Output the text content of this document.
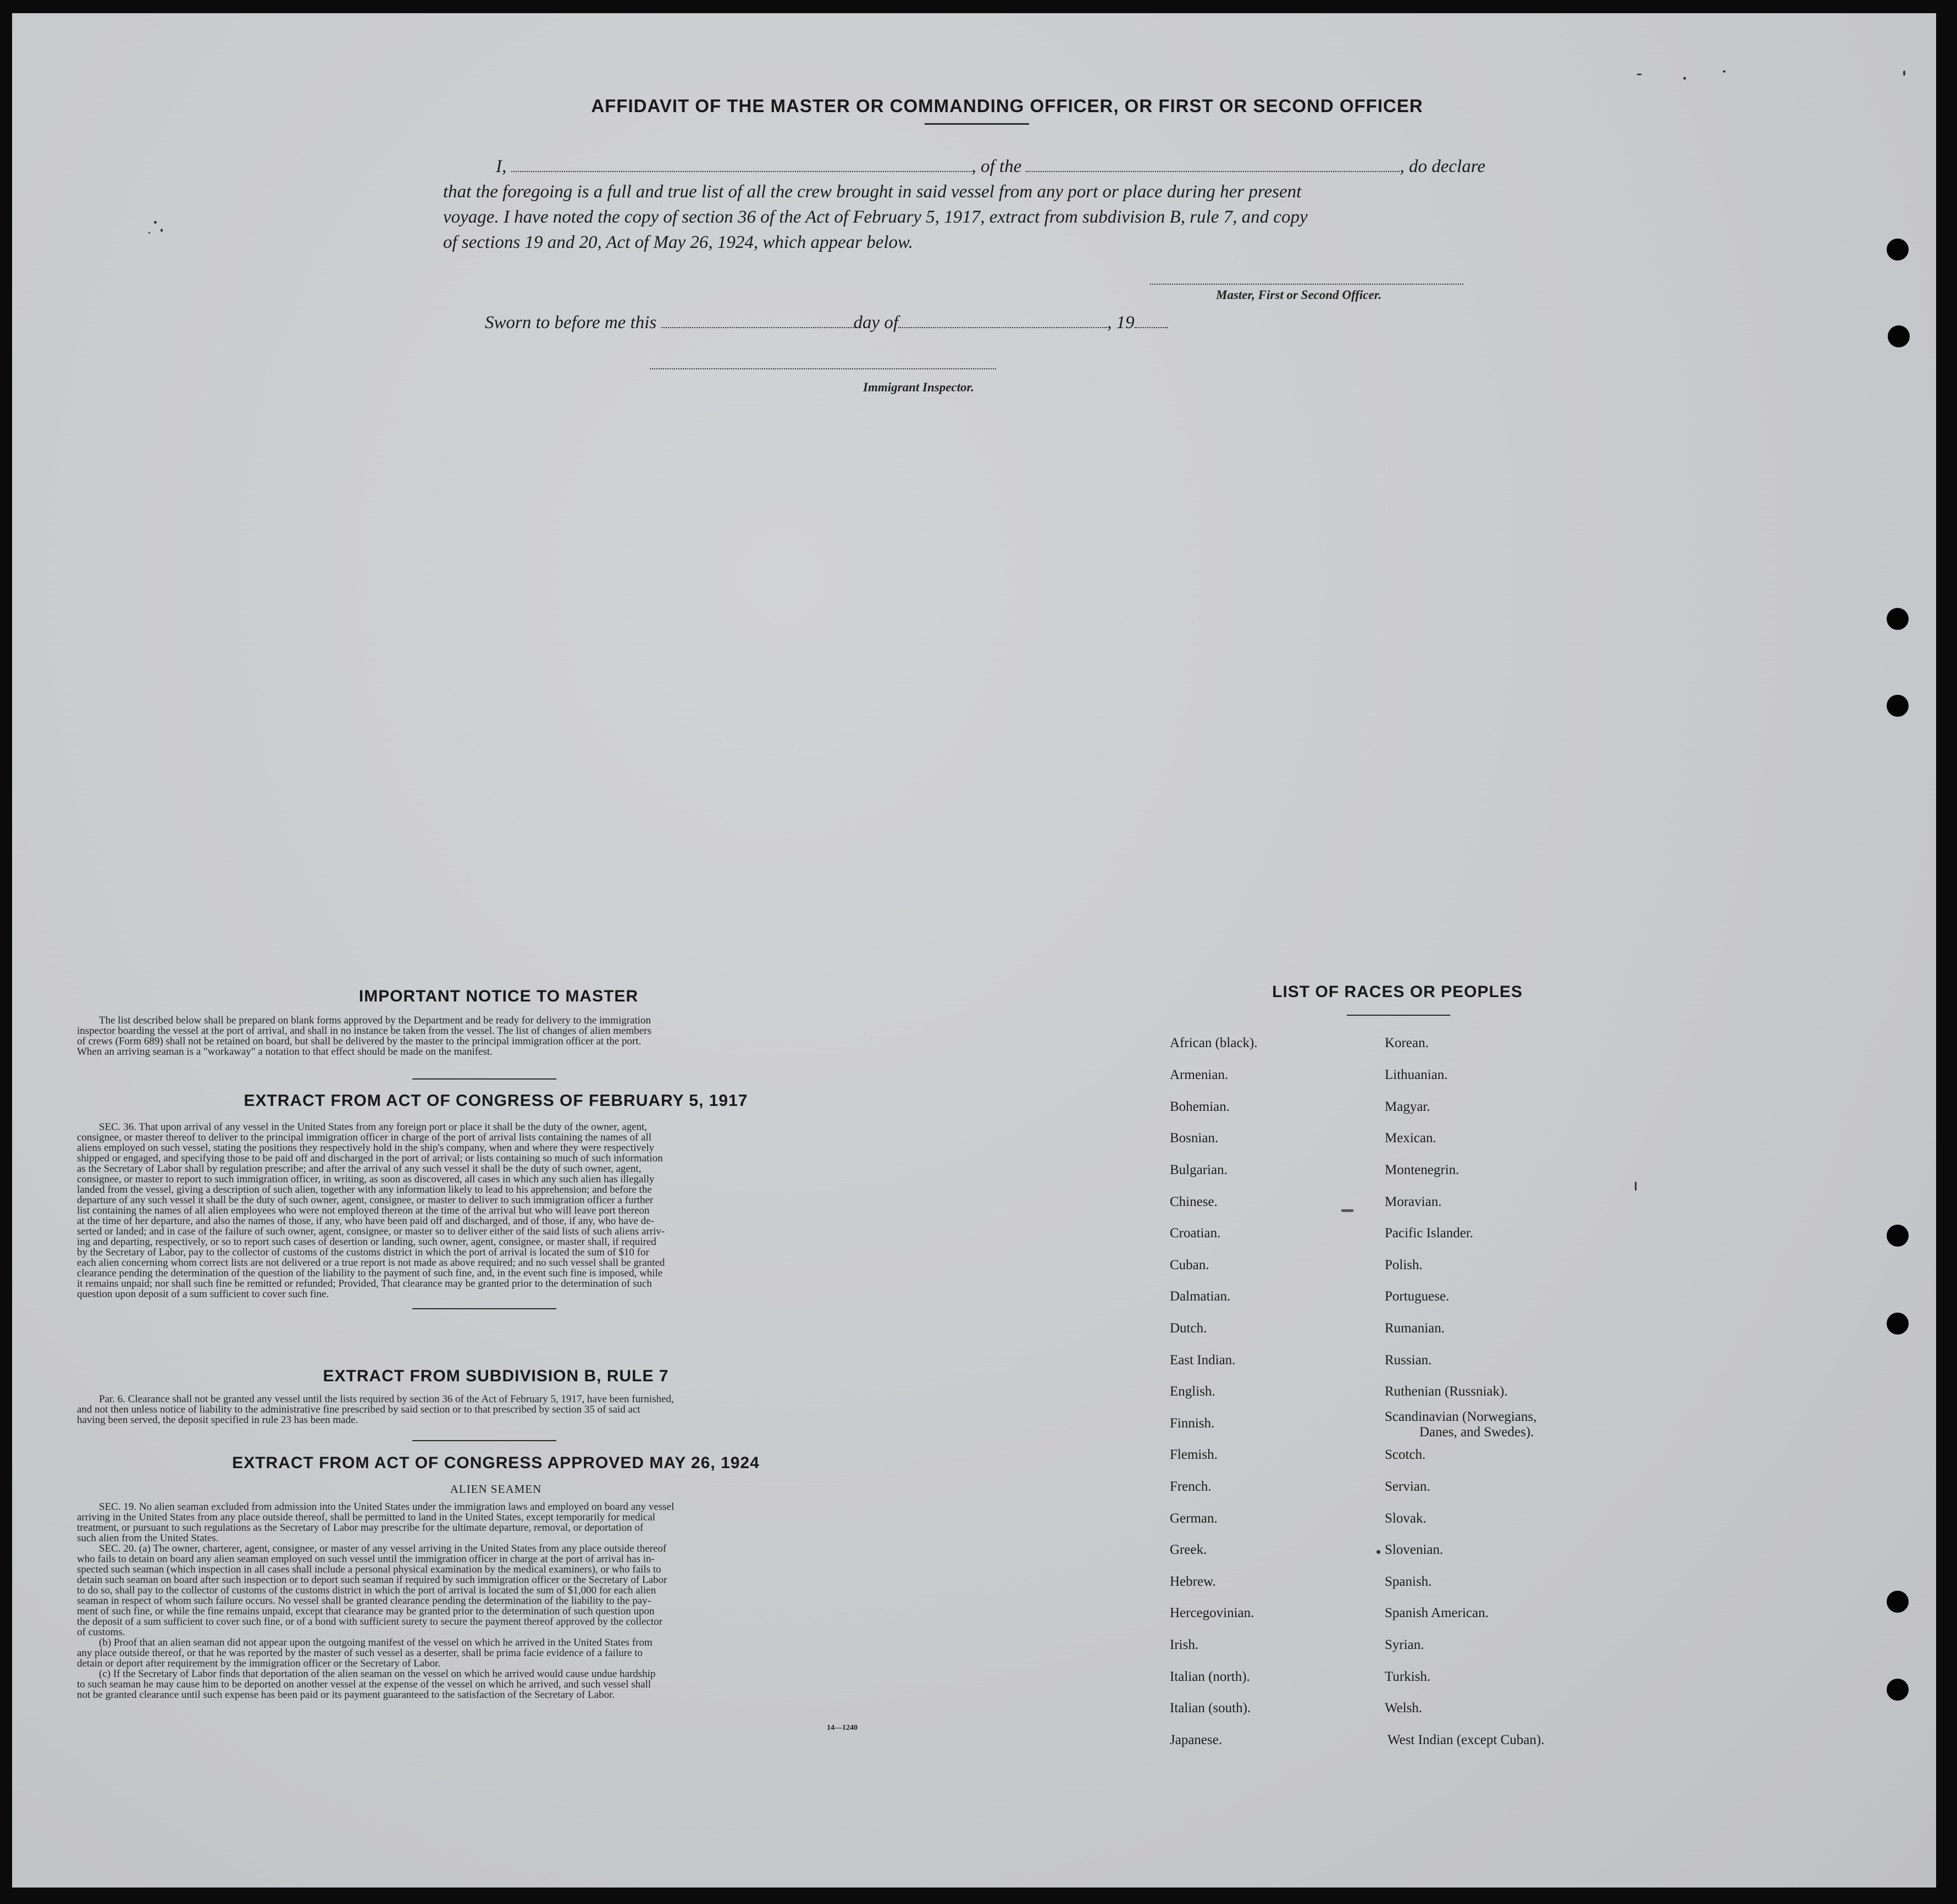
AFFIDAVIT OF THE MASTER OR COMMANDING OFFICER, OR FIRST OR SECOND OFFICER
I,	, of the	, do declare
that the foregoing is a full and true list of all the crew brought in said vessel from any port or place during her present
voyage. I have noted the copy of section 36 of the Act of February 5, 1917, extract from subdivision B, rule 7, and copy
of sections 19 and 20, Act of May 26, 1924, which appear below.
Master, First or Second Officer.
Sworn to before me this	day of	, 19
Immigrant Inspector.
IMPORTANT NOTICE TO MASTER
The list described below shall be prepared on blank forms approved by the Department and be ready for delivery to the immigration
inspector boarding the vessel at the port of arrival, and shall in no instance be taken from the vessel. The list of changes of alien members
of crews (Form 689) shall not be retained on board, but shall be delivered by the master to the principal immigration officer at the port.
When an arriving seaman is a "workaway" a notation to that effect should be made on the manifest.
EXTRACT FROM ACT OF CONGRESS OF FEBRUARY 5, 1917
SEC. 36. That upon arrival of any vessel in the United States from any foreign port or place it shall be the duty of the owner, agent,
consignee, or master thereof to deliver to the principal immigration officer in charge of the port of arrival lists containing the names of all
aliens employed on such vessel, stating the positions they respectively hold in the ship's company, when and where they were respectively
shipped or engaged, and specifying those to be paid off and discharged in the port of arrival; or lists containing so much of such information
as the Secretary of Labor shall by regulation prescribe; and after the arrival of any such vessel it shall be the duty of such owner, agent,
consignee, or master to report to such immigration officer, in writing, as soon as discovered, all cases in which any such alien has illegally
landed from the vessel, giving a description of such alien, together with any information likely to lead to his apprehension; and before the
departure of any such vessel it shall be the duty of such owner, agent, consignee, or master to deliver to such immigration officer a further
list containing the names of all alien employees who were not employed thereon at the time of the arrival but who will leave port thereon
at the time of her departure, and also the names of those, if any, who have been paid off and discharged, and of those, if any, who have de-
serted or landed; and in case of the failure of such owner, agent, consignee, or master so to deliver either of the said lists of such aliens arriv-
ing and departing, respectively, or so to report such cases of desertion or landing, such owner, agent, consignee, or master shall, if required
by the Secretary of Labor, pay to the collector of customs of the customs district in which the port of arrival is located the sum of $10 for
each alien concerning whom correct lists are not delivered or a true report is not made as above required; and no such vessel shall be granted
clearance pending the determination of the question of the liability to the payment of such fine, and, in the event such fine is imposed, while
it remains unpaid; nor shall such fine be remitted or refunded; Provided, That clearance may be granted prior to the determination of such
question upon deposit of a sum sufficient to cover such fine.
EXTRACT FROM SUBDIVISION B, RULE 7
Par. 6. Clearance shall not be granted any vessel until the lists required by section 36 of the Act of February 5, 1917, have been furnished,
and not then unless notice of liability to the administrative fine prescribed by said section or to that prescribed by section 35 of said act
having been served, the deposit specified in rule 23 has been made.
EXTRACT FROM ACT OF CONGRESS APPROVED MAY 26, 1924
ALIEN SEAMEN
SEC. 19. No alien seaman excluded from admission into the United States under the immigration laws and employed on board any vessel
arriving in the United States from any place outside thereof, shall be permitted to land in the United States, except temporarily for medical
treatment, or pursuant to such regulations as the Secretary of Labor may prescribe for the ultimate departure, removal, or deportation of
such alien from the United States.
SEC. 20. (a) The owner, charterer, agent, consignee, or master of any vessel arriving in the United States from any place outside thereof
who fails to detain on board any alien seaman employed on such vessel until the immigration officer in charge at the port of arrival has in-
spected such seaman (which inspection in all cases shall include a personal physical examination by the medical examiners), or who fails to
detain such seaman on board after such inspection or to deport such seaman if required by such immigration officer or the Secretary of Labor
to do so, shall pay to the collector of customs of the customs district in which the port of arrival is located the sum of $1,000 for each alien
seaman in respect of whom such failure occurs. No vessel shall be granted clearance pending the determination of the liability to the pay-
ment of such fine, or while the fine remains unpaid, except that clearance may be granted prior to the determination of such question upon
the deposit of a sum sufficient to cover such fine, or of a bond with sufficient surety to secure the payment thereof approved by the collector
of customs.
(b) Proof that an alien seaman did not appear upon the outgoing manifest of the vessel on which he arrived in the United States from
any place outside thereof, or that he was reported by the master of such vessel as a deserter, shall be prima facie evidence of a failure to
detain or deport after requirement by the immigration officer or the Secretary of Labor.
(c) If the Secretary of Labor finds that deportation of the alien seaman on the vessel on which he arrived would cause undue hardship
to such seaman he may cause him to be deported on another vessel at the expense of the vessel on which he arrived, and such vessel shall
not be granted clearance until such expense has been paid or its payment guaranteed to the satisfaction of the Secretary of Labor.
14—1240
LIST OF RACES OR PEOPLES
African (black).
Armenian.
Bohemian.
Bosnian.
Bulgarian.
Chinese.
Croatian.
Cuban.
Dalmatian.
Dutch.
East Indian.
English.
Finnish.
Flemish.
French.
German.
Greek.
Hebrew.
Hercegovinian.
Irish.
Italian (north).
Italian (south).
Japanese.
Korean.
Lithuanian.
Magyar.
Mexican.
Montenegrin.
Moravian.
Pacific Islander.
Polish.
Portuguese.
Rumanian.
Russian.
Ruthenian (Russniak).
Scandinavian (Norwegians,
Danes, and Swedes).
Scotch.
Servian.
Slovak.
Slovenian.
Spanish.
Spanish American.
Syrian.
Turkish.
Welsh.
West Indian (except Cuban).
